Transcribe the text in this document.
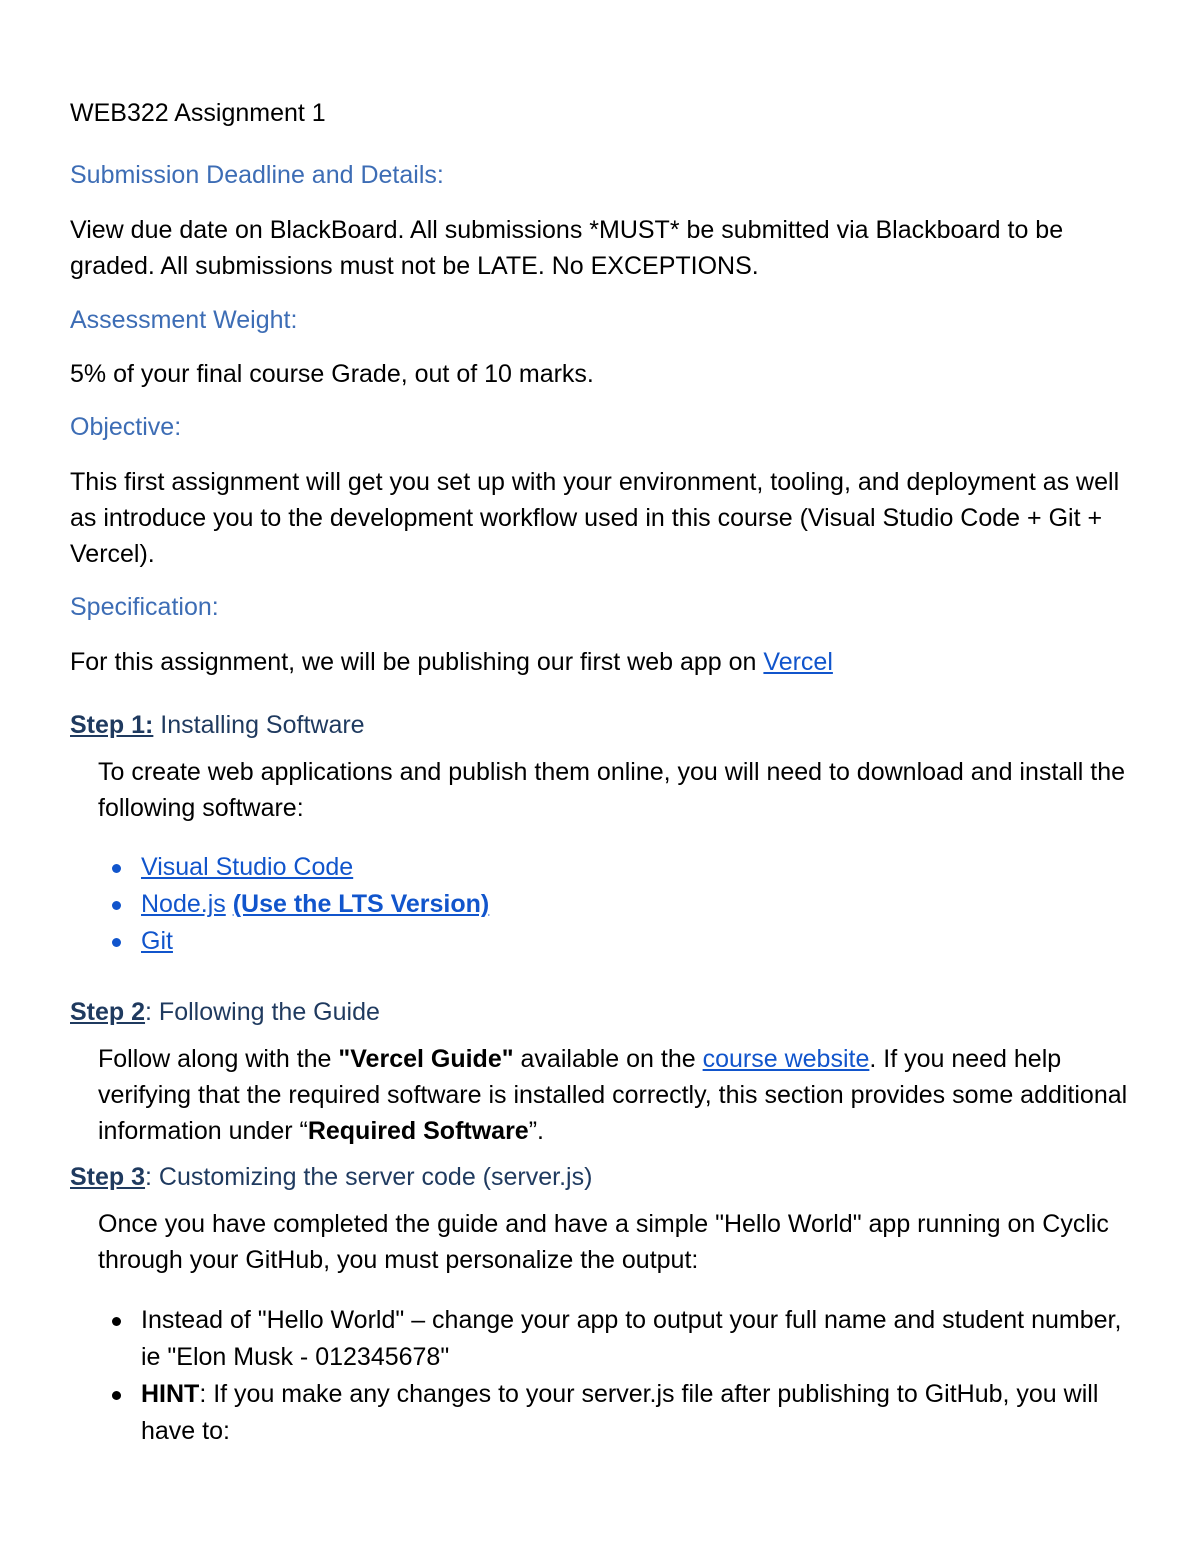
WEB322 Assignment 1

Submission Deadline and Details:

View due date on BlackBoard. All submissions *MUST* be submitted via Blackboard to be graded. All submissions must not be LATE. No EXCEPTIONS.

Assessment Weight:

5% of your final course Grade, out of 10 marks.

Objective:

This first assignment will get you set up with your environment, tooling, and deployment as well as introduce you to the development workflow used in this course (Visual Studio Code + Git + Vercel).

Specification:

For this assignment, we will be publishing our first web app on Vercel

Step 1: Installing Software

To create web applications and publish them online, you will need to download and install the following software:

Visual Studio Code
Node.js (Use the LTS Version)
Git

Step 2: Following the Guide

Follow along with the "Vercel Guide" available on the course website. If you need help verifying that the required software is installed correctly, this section provides some additional information under “Required Software”.

Step 3: Customizing the server code (server.js)

Once you have completed the guide and have a simple "Hello World" app running on Cyclic through your GitHub, you must personalize the output:

Instead of "Hello World" – change your app to output your full name and student number, ie "Elon Musk - 012345678"
HINT: If you make any changes to your server.js file after publishing to GitHub, you will have to:
